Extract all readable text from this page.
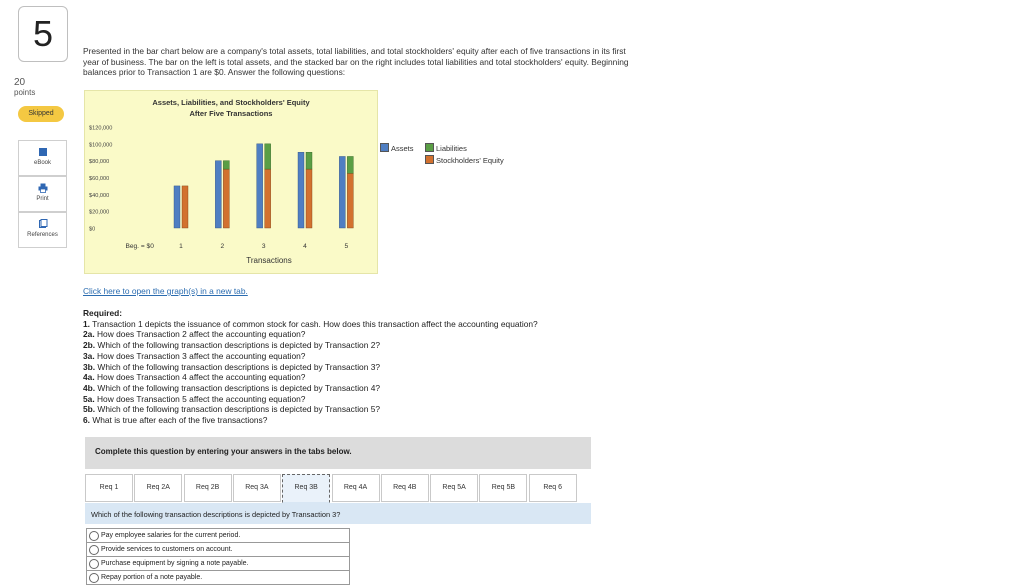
5
20
points
Skipped
eBook
Print
References
Presented in the bar chart below are a company's total assets, total liabilities, and total stockholders' equity after each of five transactions in its first year of business. The bar on the left is total assets, and the stacked bar on the right includes total liabilities and total stockholders' equity. Beginning balances prior to Transaction 1 are $0. Answer the following questions:
Assets, Liabilities, and Stockholders' Equity
After Five Transactions
$0
$20,000
$40,000
$60,000
$80,000
$100,000
$120,000
Beg. = $0	1	2	3	4	5
Transactions
Assets	Liabilities
Stockholders' Equity
Click here to open the graph(s) in a new tab.
Required:
1. Transaction 1 depicts the issuance of common stock for cash. How does this transaction affect the accounting equation?
2a. How does Transaction 2 affect the accounting equation?
2b. Which of the following transaction descriptions is depicted by Transaction 2?
3a. How does Transaction 3 affect the accounting equation?
3b. Which of the following transaction descriptions is depicted by Transaction 3?
4a. How does Transaction 4 affect the accounting equation?
4b. Which of the following transaction descriptions is depicted by Transaction 4?
5a. How does Transaction 5 affect the accounting equation?
5b. Which of the following transaction descriptions is depicted by Transaction 5?
6. What is true after each of the five transactions?
Complete this question by entering your answers in the tabs below.
Req 1	Req 2A	Req 2B	Req 3A	Req 3B	Req 4A	Req 4B	Req 5A	Req 5B	Req 6
Which of the following transaction descriptions is depicted by Transaction 3?
Pay employee salaries for the current period.
Provide services to customers on account.
Purchase equipment by signing a note payable.
Repay portion of a note payable.
